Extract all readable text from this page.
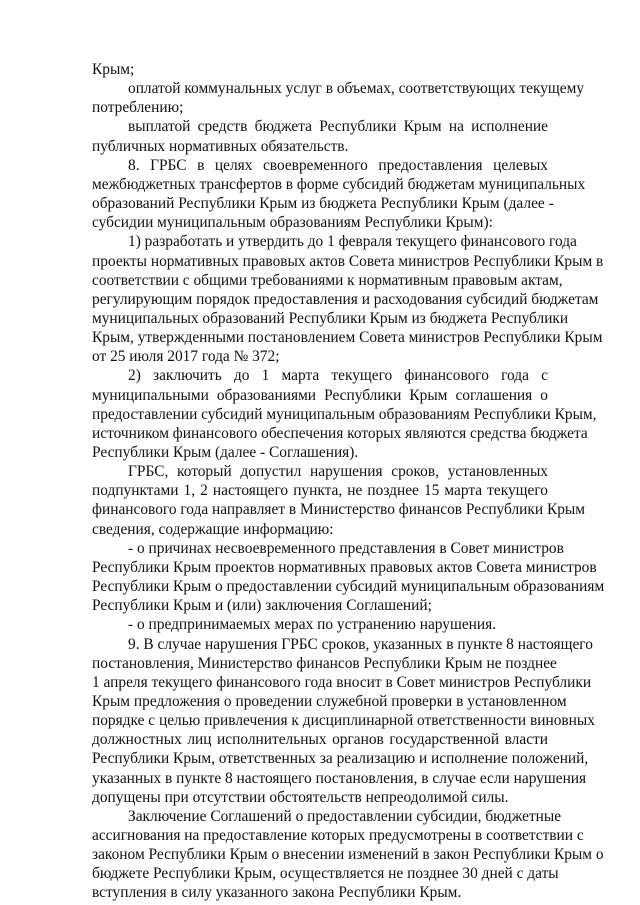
Крым;
оплатой коммунальных услуг в объемах, соответствующих текущему
потреблению;
выплатой средств бюджета Республики Крым на исполнение
публичных нормативных обязательств.
8. ГРБС в целях своевременного предоставления целевых
межбюджетных трансфертов в форме субсидий бюджетам муниципальных
образований Республики Крым из бюджета Республики Крым (далее -
субсидии муниципальным образованиям Республики Крым):
1) разработать и утвердить до 1 февраля текущего финансового года
проекты нормативных правовых актов Совета министров Республики Крым в
соответствии с общими требованиями к нормативным правовым актам,
регулирующим порядок предоставления и расходования субсидий бюджетам
муниципальных образований Республики Крым из бюджета Республики
Крым, утвержденными постановлением Совета министров Республики Крым
от 25 июля 2017 года № 372;
2) заключить до 1 марта текущего финансового года с
муниципальными образованиями Республики Крым соглашения о
предоставлении субсидий муниципальным образованиям Республики Крым,
источником финансового обеспечения которых являются средства бюджета
Республики Крым (далее - Соглашения).
ГРБС, который допустил нарушения сроков, установленных
подпунктами 1, 2 настоящего пункта, не позднее 15 марта текущего
финансового года направляет в Министерство финансов Республики Крым
сведения, содержащие информацию:
- о причинах несвоевременного представления в Совет министров
Республики Крым проектов нормативных правовых актов Совета министров
Республики Крым о предоставлении субсидий муниципальным образованиям
Республики Крым и (или) заключения Соглашений;
- о предпринимаемых мерах по устранению нарушения.
9. В случае нарушения ГРБС сроков, указанных в пункте 8 настоящего
постановления, Министерство финансов Республики Крым не позднее
1 апреля текущего финансового года вносит в Совет министров Республики
Крым предложения о проведении служебной проверки в установленном
порядке с целью привлечения к дисциплинарной ответственности виновных
должностных лиц исполнительных органов государственной власти
Республики Крым, ответственных за реализацию и исполнение положений,
указанных в пункте 8 настоящего постановления, в случае если нарушения
допущены при отсутствии обстоятельств непреодолимой силы.
Заключение Соглашений о предоставлении субсидии, бюджетные
ассигнования на предоставление которых предусмотрены в соответствии с
законом Республики Крым о внесении изменений в закон Республики Крым о
бюджете Республики Крым, осуществляется не позднее 30 дней с даты
вступления в силу указанного закона Республики Крым.
